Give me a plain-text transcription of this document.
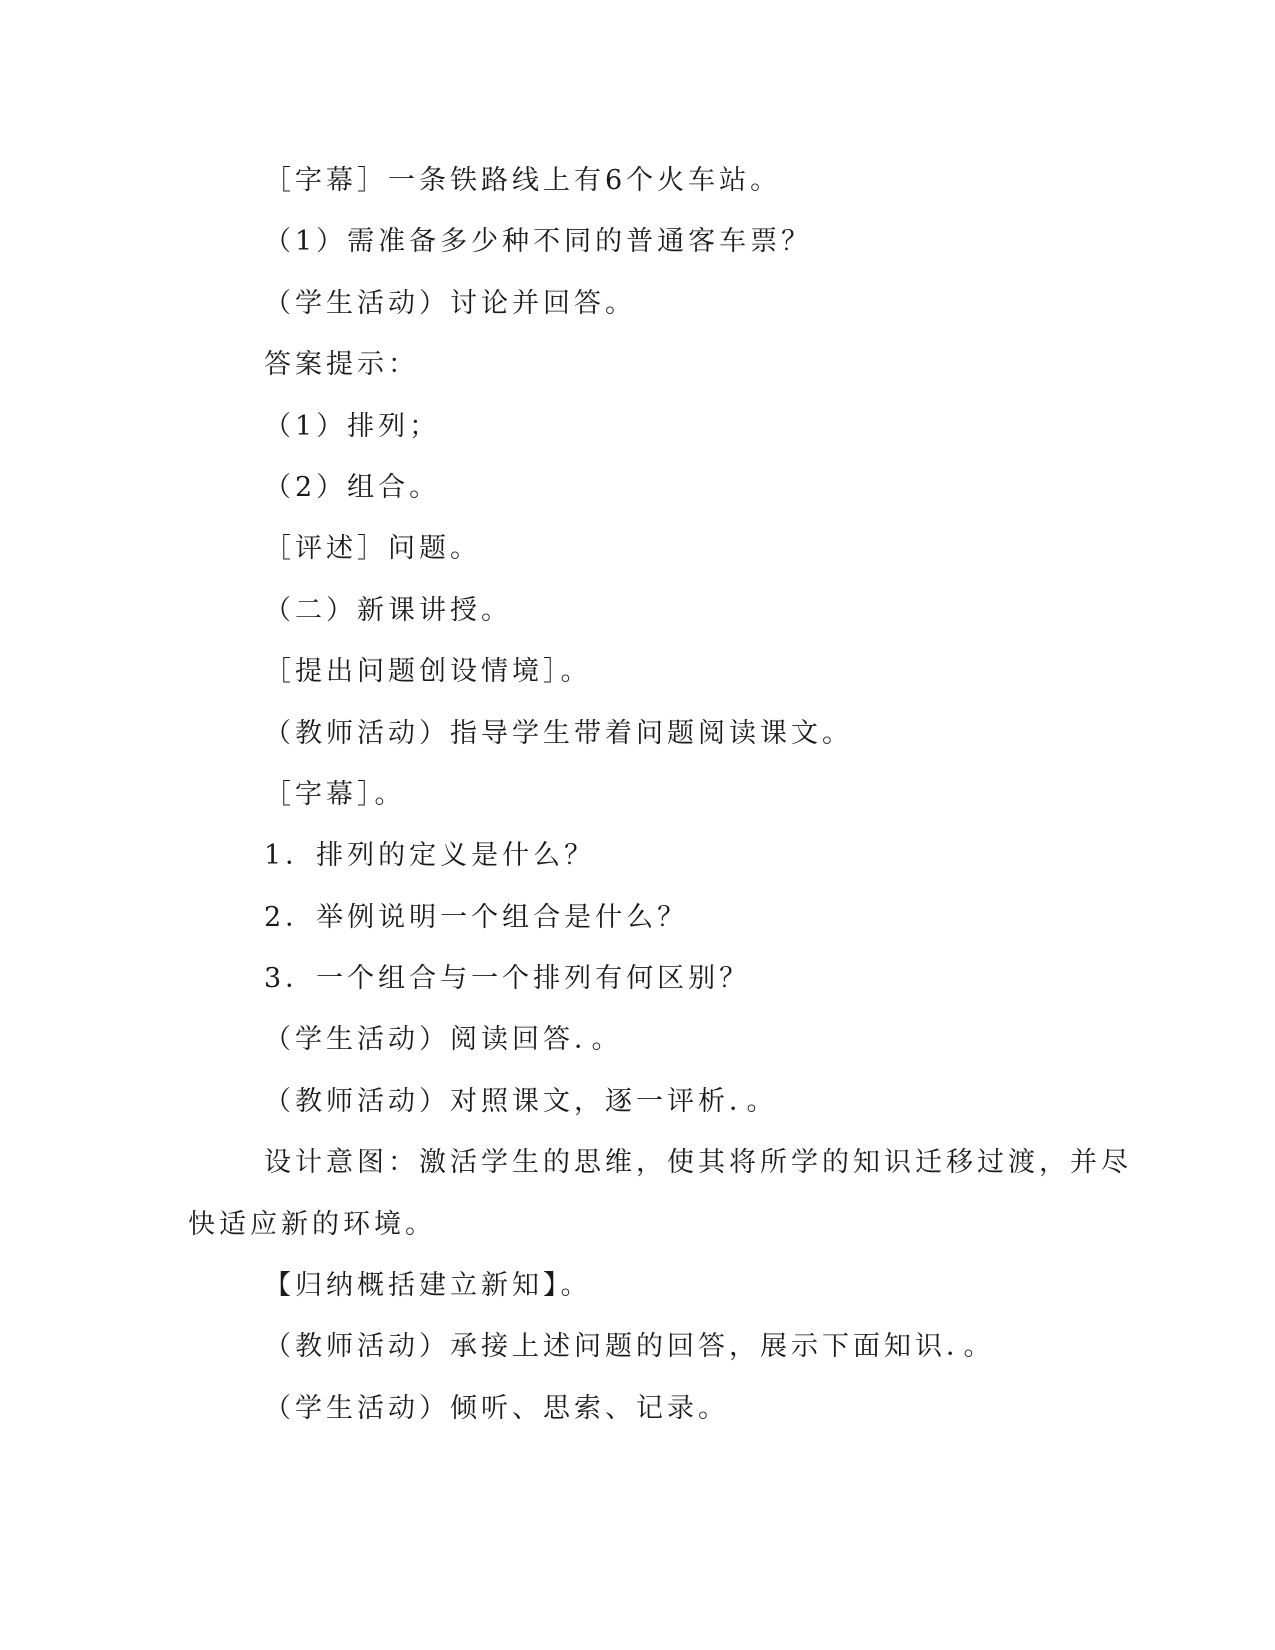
［字幕］一条铁路线上有6个火车站。
（1）需准备多少种不同的普通客车票？
（学生活动）讨论并回答。
答案提示：
（1）排列；
（2）组合。
［评述］问题。
（二）新课讲授。
［提出问题创设情境］。
（教师活动）指导学生带着问题阅读课文。
［字幕］。
1．排列的定义是什么？
2．举例说明一个组合是什么？
3．一个组合与一个排列有何区别？
（学生活动）阅读回答．。
（教师活动）对照课文，逐一评析．。
设计意图：激活学生的思维，使其将所学的知识迁移过渡，并尽
快适应新的环境。
【归纳概括建立新知】。
（教师活动）承接上述问题的回答，展示下面知识．。
（学生活动）倾听、思索、记录。
